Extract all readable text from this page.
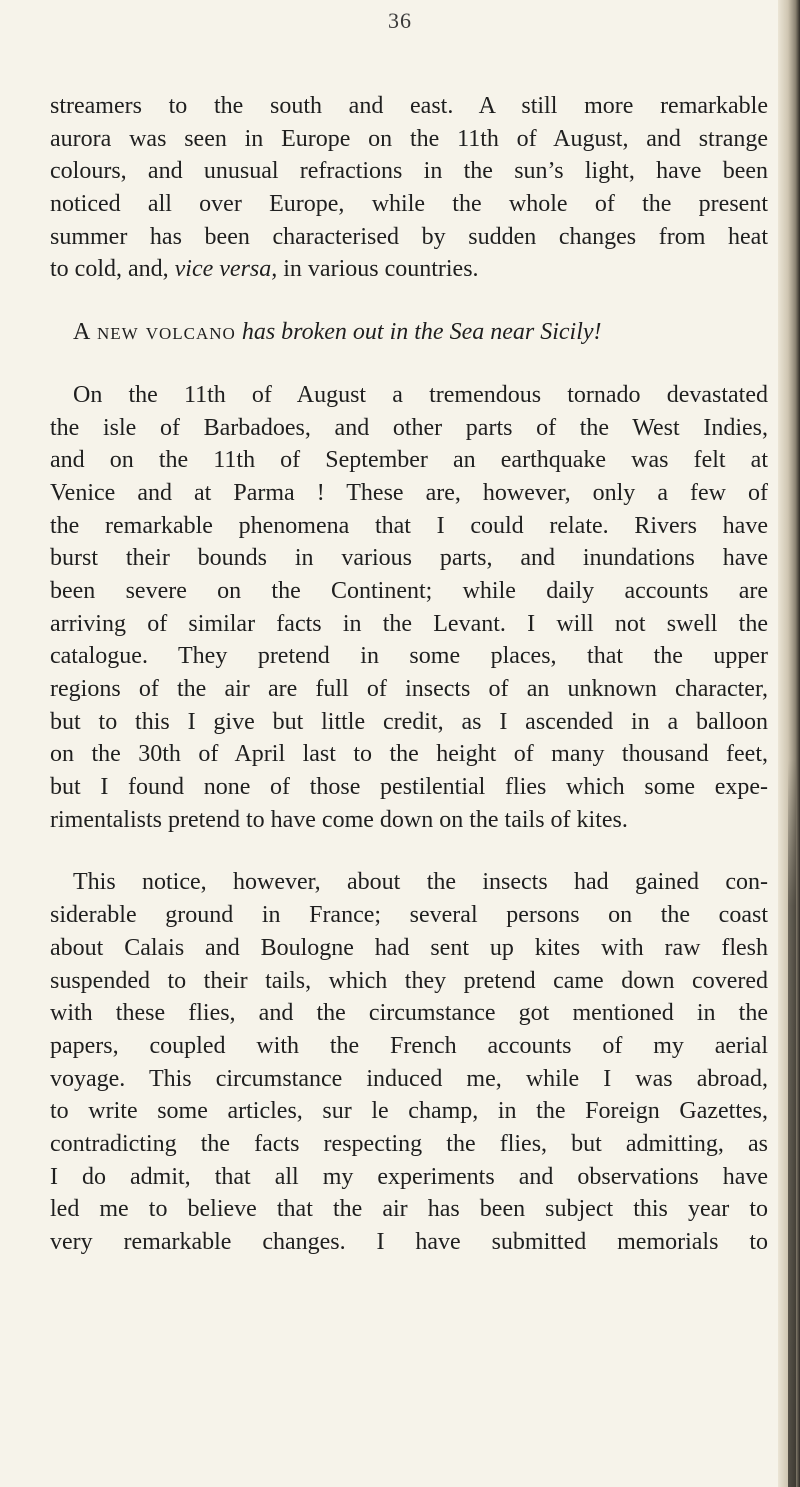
36
streamers to the south and east. A still more remarkable
aurora was seen in Europe on the 11th of August, and strange
colours, and unusual refractions in the sun’s light, have been
noticed all over Europe, while the whole of the present
summer has been characterised by sudden changes from heat
to cold, and, vice versa, in various countries.
A new volcano has broken out in the Sea near Sicily!
On the 11th of August a tremendous tornado devastated
the isle of Barbadoes, and other parts of the West Indies,
and on the 11th of September an earthquake was felt at
Venice and at Parma ! These are, however, only a few of
the remarkable phenomena that I could relate. Rivers have
burst their bounds in various parts, and inundations have
been severe on the Continent; while daily accounts are
arriving of similar facts in the Levant. I will not swell the
catalogue. They pretend in some places, that the upper
regions of the air are full of insects of an unknown character,
but to this I give but little credit, as I ascended in a balloon
on the 30th of April last to the height of many thousand feet,
but I found none of those pestilential flies which some expe-
rimentalists pretend to have come down on the tails of kites.
This notice, however, about the insects had gained con-
siderable ground in France; several persons on the coast
about Calais and Boulogne had sent up kites with raw flesh
suspended to their tails, which they pretend came down covered
with these flies, and the circumstance got mentioned in the
papers, coupled with the French accounts of my aerial
voyage. This circumstance induced me, while I was abroad,
to write some articles, sur le champ, in the Foreign Gazettes,
contradicting the facts respecting the flies, but admitting, as
I do admit, that all my experiments and observations have
led me to believe that the air has been subject this year to
very remarkable changes. I have submitted memorials to
